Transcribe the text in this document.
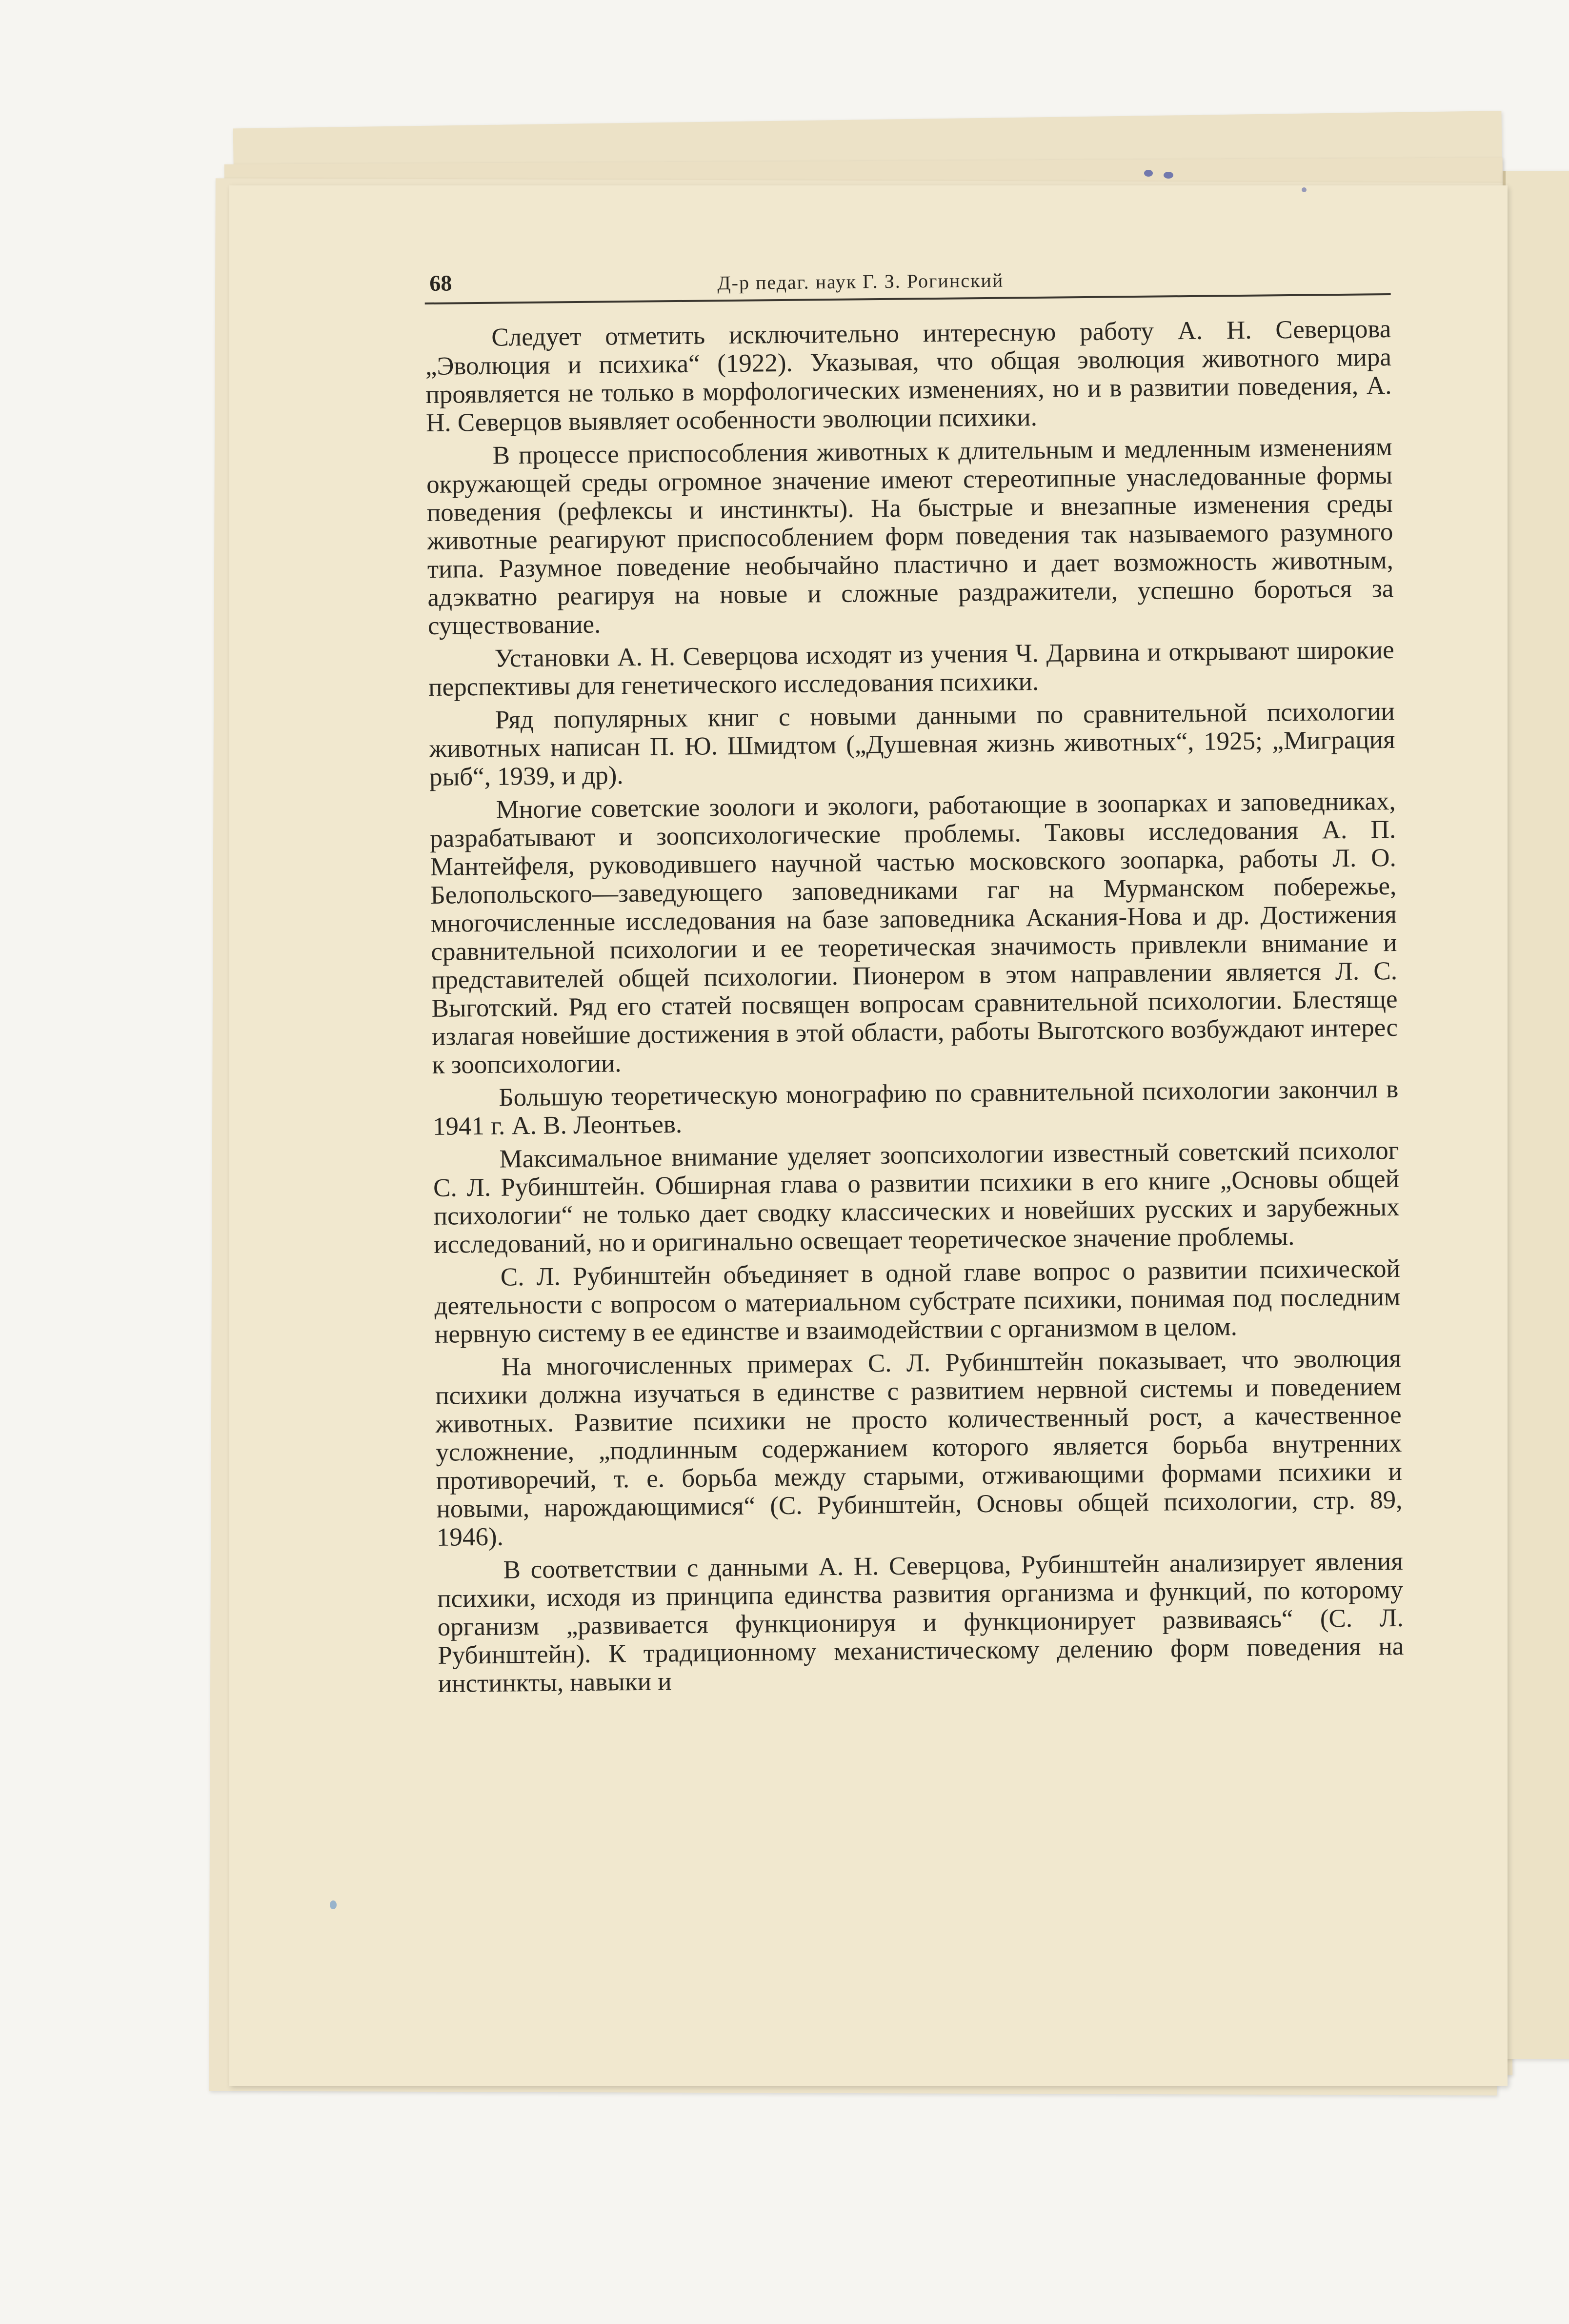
68	Д-р педаг. наук Г. З. Рогинский

Следует отметить исключительно интересную работу А. Н. Северцова „Эволюция и психика“ (1922). Указывая, что общая эволюция животного мира проявляется не только в морфологических изменениях, но и в развитии поведения, А. Н. Северцов выявляет особенности эволюции психики.

В процессе приспособления животных к длительным и медленным изменениям окружающей среды огромное значение имеют стереотипные унаследованные формы поведения (рефлексы и инстинкты). На быстрые и внезапные изменения среды животные реагируют приспособлением форм поведения так называемого разумного типа. Разумное поведение необычайно пластично и дает возможность животным, адэкватно реагируя на новые и сложные раздражители, успешно бороться за существование.

Установки А. Н. Северцова исходят из учения Ч. Дарвина и открывают широкие перспективы для генетического исследования психики.

Ряд популярных книг с новыми данными по сравнительной психологии животных написан П. Ю. Шмидтом („Душевная жизнь животных“, 1925; „Миграция рыб“, 1939, и др).

Многие советские зоологи и экологи, работающие в зоопарках и заповедниках, разрабатывают и зоопсихологические проблемы. Таковы исследования А. П. Мантейфеля, руководившего научной частью московского зоопарка, работы Л. О. Белопольского—заведующего заповедниками гаг на Мурманском побережье, многочисленные исследования на базе заповедника Аскания-Нова и др. Достижения сравнительной психологии и ее теоретическая значимость привлекли внимание и представителей общей психологии. Пионером в этом направлении является Л. С. Выготский. Ряд его статей посвящен вопросам сравнительной психологии. Блестяще излагая новейшие достижения в этой области, работы Выготского возбуждают интерес к зоопсихологии.

Большую теоретическую монографию по сравнительной психологии закончил в 1941 г. А. В. Леонтьев.

Максимальное внимание уделяет зоопсихологии известный советский психолог С. Л. Рубинштейн. Обширная глава о развитии психики в его книге „Основы общей психологии“ не только дает сводку классических и новейших русских и зарубежных исследований, но и оригинально освещает теоретическое значение проблемы.

С. Л. Рубинштейн объединяет в одной главе вопрос о развитии психической деятельности с вопросом о материальном субстрате психики, понимая под последним нервную систему в ее единстве и взаимодействии с организмом в целом.

На многочисленных примерах С. Л. Рубинштейн показывает, что эволюция психики должна изучаться в единстве с развитием нервной системы и поведением животных. Развитие психики не просто количественный рост, а качественное усложнение, „подлинным содержанием которого является борьба внутренних противоречий, т. е. борьба между старыми, отживающими формами психики и новыми, нарождающимися“ (С. Рубинштейн, Основы общей психологии, стр. 89, 1946).

В соответствии с данными А. Н. Северцова, Рубинштейн анализирует явления психики, исходя из принципа единства развития организма и функций, по которому организм „развивается функционируя и функционирует развиваясь“ (С. Л. Рубинштейн). К традиционному механистическому делению форм поведения на инстинкты, навыки и
